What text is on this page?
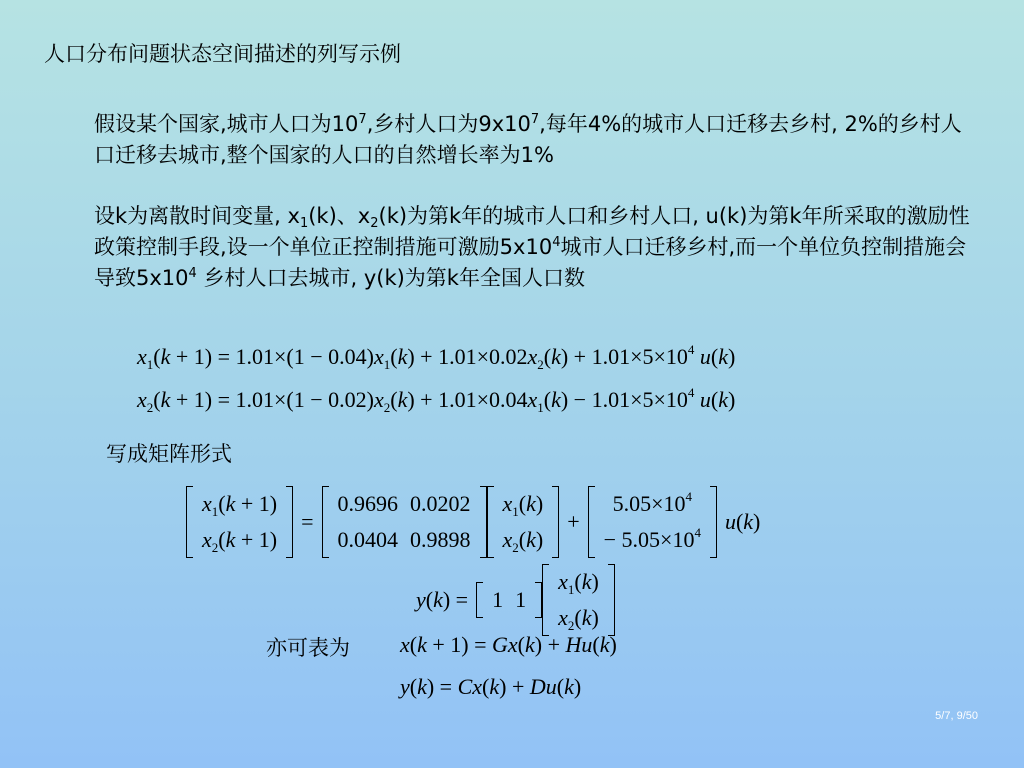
人口分布问题状态空间描述的列写示例
假设某个国家,城市人口为$10^7$,乡村人口为$9x10^7$,每年4%的城市人口迁移去乡村, 2%的乡村人口迁移去城市,整个国家的人口的自然增长率为1%
设k为离散时间变量, $x_1(k)$、$x_2(k)$为第k年的城市人口和乡村人口, u(k)为第k年所采取的激励性政策控制手段,设一个单位正控制措施可激励$5x10^4$城市人口迁移乡村,而一个单位负控制措施会导致$5x10^4$ 乡村人口去城市, y(k)为第k年全国人口数
$x_1(k + 1) = 1.01\times(1 - 0.04)x_1(k) + 1.01\times 0.02x_2(k) + 1.01\times 5\times 10^4$ u(k)
$x_2(k + 1) = 1.01\times(1 - 0.02)x_2(k) + 1.01\times 0.04x_1(k) - 1.01\times 5\times 10^4$ u(k)
写成矩阵形式
$x_1(k + 1)$
$x_2(k + 1)$
=
0.9696	0.0202
0.0404	0.9898
$x_1(k)$
$x_2(k)$
+
$5.05\times 10^4$
− $5.05\times 10^4$ u(k)
y(k) = 1	1
$x_1(k)$
$x_2(k)$
亦可表为 x(k + 1) = Gx(k) + Hu(k)
y(k) = Cx(k) + Du(k)
5/7, 9/50
